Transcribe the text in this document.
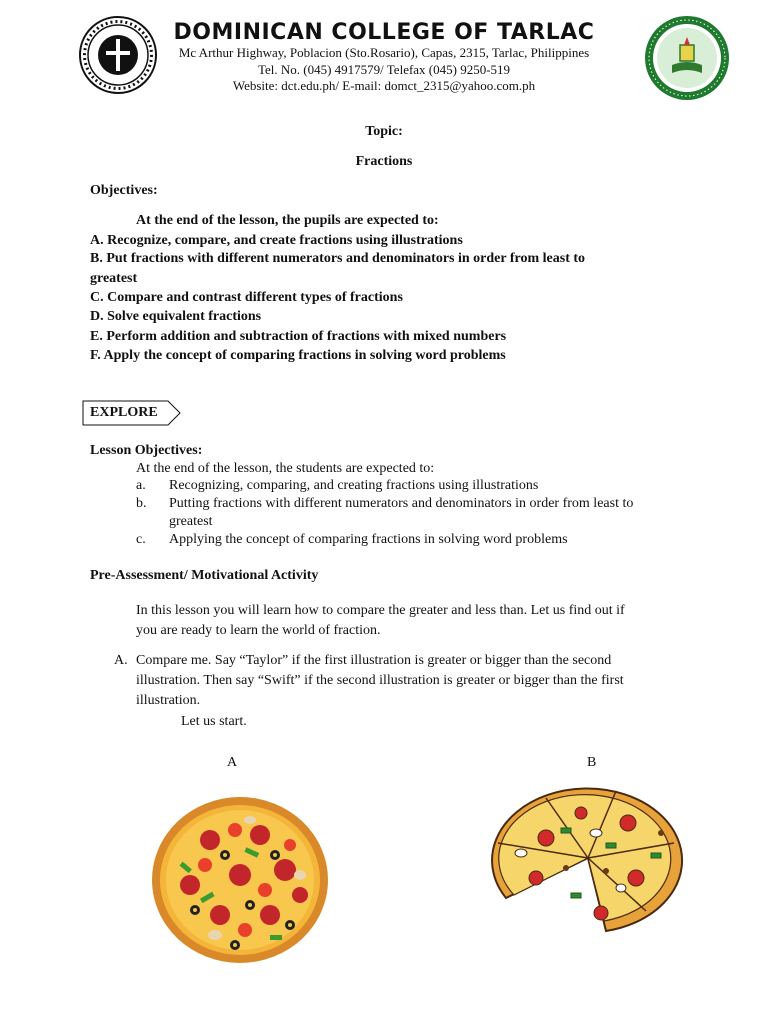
DOMINICAN COLLEGE OF TARLAC
Mc Arthur Highway, Poblacion (Sto.Rosario), Capas, 2315, Tarlac, Philippines
Tel. No. (045) 4917579/ Telefax (045) 9250-519
Website: dct.edu.ph/ E-mail: domct_2315@yahoo.com.ph
Topic:
Fractions
Objectives:
At the end of the lesson, the pupils are expected to:
A. Recognize, compare, and create fractions using illustrations
B. Put fractions with different numerators and denominators in order from least to
greatest
C. Compare and contrast different types of fractions
D. Solve equivalent fractions
E. Perform addition and subtraction of fractions with mixed numbers
F. Apply the concept of comparing fractions in solving word problems
EXPLORE
Lesson Objectives:
At the end of the lesson, the students are expected to:
a. Recognizing, comparing, and creating fractions using illustrations
b. Putting fractions with different numerators and denominators in order from least to
greatest
c. Applying the concept of comparing fractions in solving word problems
Pre-Assessment/ Motivational Activity
In this lesson you will learn how to compare the greater and less than. Let us find out if
you are ready to learn the world of fraction.
A. Compare me. Say “Taylor” if the first illustration is greater or bigger than the second
illustration. Then say “Swift” if the second illustration is greater or bigger than the first
illustration.
Let us start.
A	B
